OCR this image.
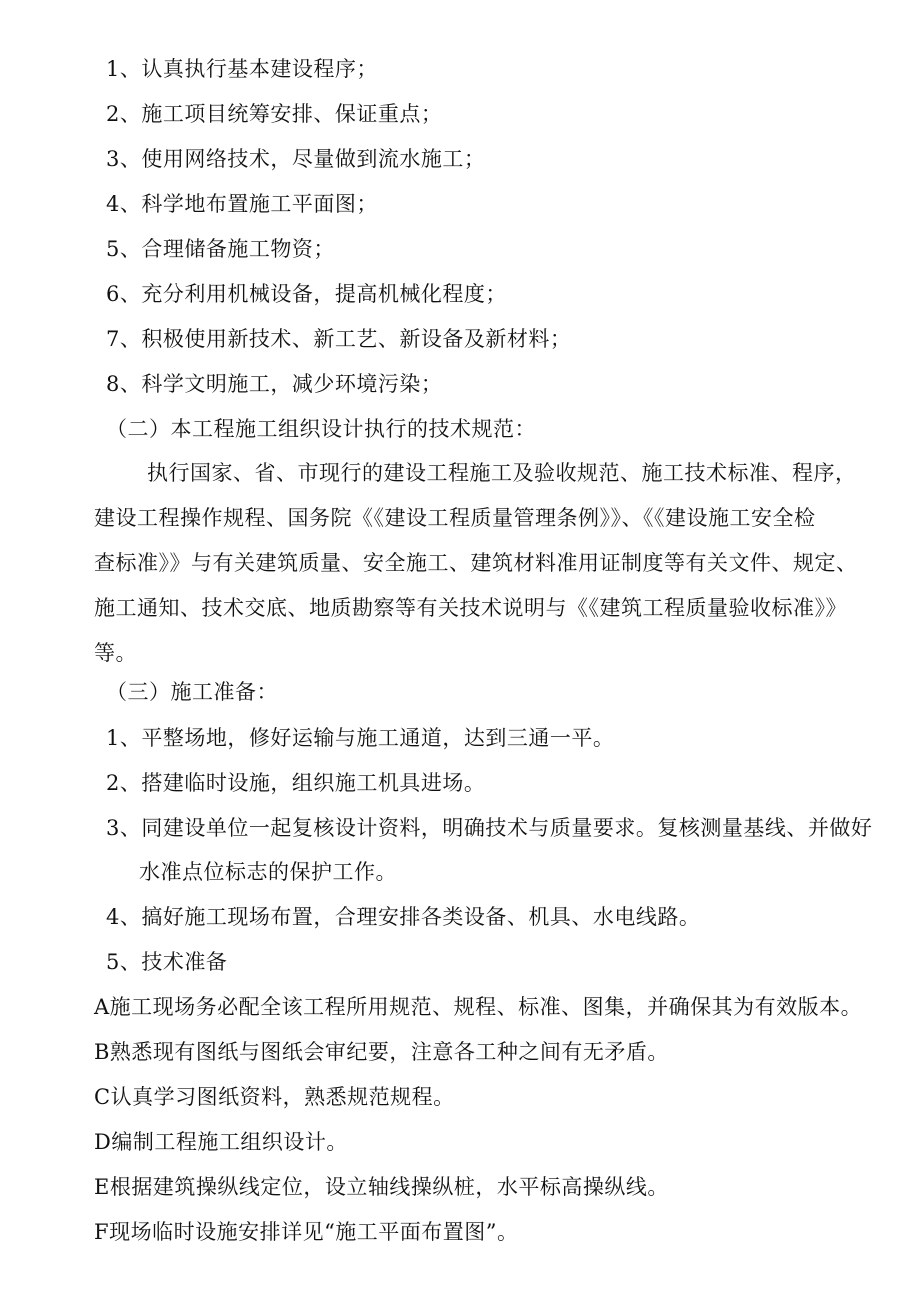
1、认真执行基本建设程序；
2、施工项目统筹安排、保证重点；
3、使用网络技术，尽量做到流水施工；
4、科学地布置施工平面图；
5、合理储备施工物资；
6、充分利用机械设备，提高机械化程度；
7、积极使用新技术、新工艺、新设备及新材料；
8、科学文明施工，减少环境污染；
（二）本工程施工组织设计执行的技术规范：
执行国家、省、市现行的建设工程施工及验收规范、施工技术标准、程序，
建设工程操作规程、国务院《《建设工程质量管理条例》》、《《建设施工安全检
查标准》》与有关建筑质量、安全施工、建筑材料准用证制度等有关文件、规定、
施工通知、技术交底、地质勘察等有关技术说明与《《建筑工程质量验收标准》》
等。
（三）施工准备：
1、平整场地，修好运输与施工通道，达到三通一平。
2、搭建临时设施，组织施工机具进场。
3、同建设单位一起复核设计资料，明确技术与质量要求。复核测量基线、并做好
水准点位标志的保护工作。
4、搞好施工现场布置，合理安排各类设备、机具、水电线路。
5、技术准备
A施工现场务必配全该工程所用规范、规程、标准、图集，并确保其为有效版本。
B熟悉现有图纸与图纸会审纪要，注意各工种之间有无矛盾。
C认真学习图纸资料，熟悉规范规程。
D编制工程施工组织设计。
E根据建筑操纵线定位，设立轴线操纵桩，水平标高操纵线。
F现场临时设施安排详见“施工平面布置图”。
